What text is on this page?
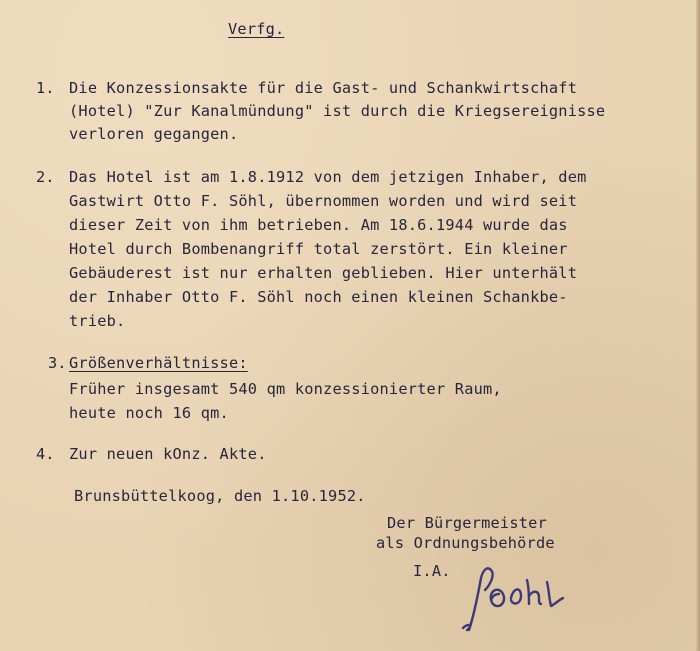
Verfg.
1. Die Konzessionsakte für die Gast- und Schankwirtschaft
(Hotel) "Zur Kanalmündung" ist durch die Kriegsereignisse
verloren gegangen.
2. Das Hotel ist am 1.8.1912 von dem jetzigen Inhaber, dem
Gastwirt Otto F. Söhl, übernommen worden und wird seit
dieser Zeit von ihm betrieben. Am 18.6.1944 wurde das
Hotel durch Bombenangriff total zerstört. Ein kleiner
Gebäuderest ist nur erhalten geblieben. Hier unterhält
der Inhaber Otto F. Söhl noch einen kleinen Schankbe-
trieb.
3. Größenverhältnisse:
Früher insgesamt 540 qm konzessionierter Raum,
heute noch 16 qm.
4. Zur neuen kOnz. Akte.
Brunsbüttelkoog, den 1.10.1952.
Der Bürgermeister
als Ordnungsbehörde
I.A.
